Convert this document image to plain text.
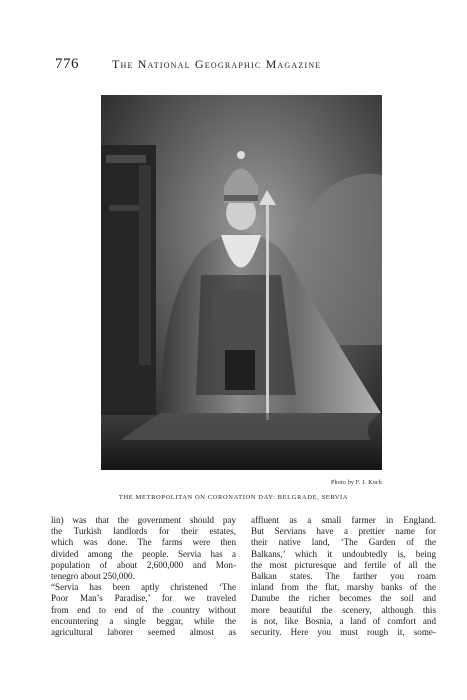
776	The National Geographic Magazine
Photo by F. J. Koch
THE METROPOLITAN ON CORONATION DAY: BELGRADE, SERVIA

lin) was that the government should pay
the Turkish landlords for their estates,
which was done. The farms were then
divided among the people. Servia has a
population of about 2,600,000 and Mon-
tenegro about 250,000.

“Servia has been aptly christened ‘The
Poor Man’s Paradise,’ for we traveled
from end to end of the country without
encountering a single beggar, while the
agricultural laborer seemed almost as

affluent as a small farmer in England.
But Servians have a prettier name for
their native land, ‘The Garden of the
Balkans,’ which it undoubtedly is, being
the most picturesque and fertile of all the
Balkan states. The farther you roam
inland from the flat, marshy banks of the
Danube the richer becomes the soil and
more beautiful the scenery, although this
is not, like Bosnia, a land of comfort and
security. Here you must rough it, some-
